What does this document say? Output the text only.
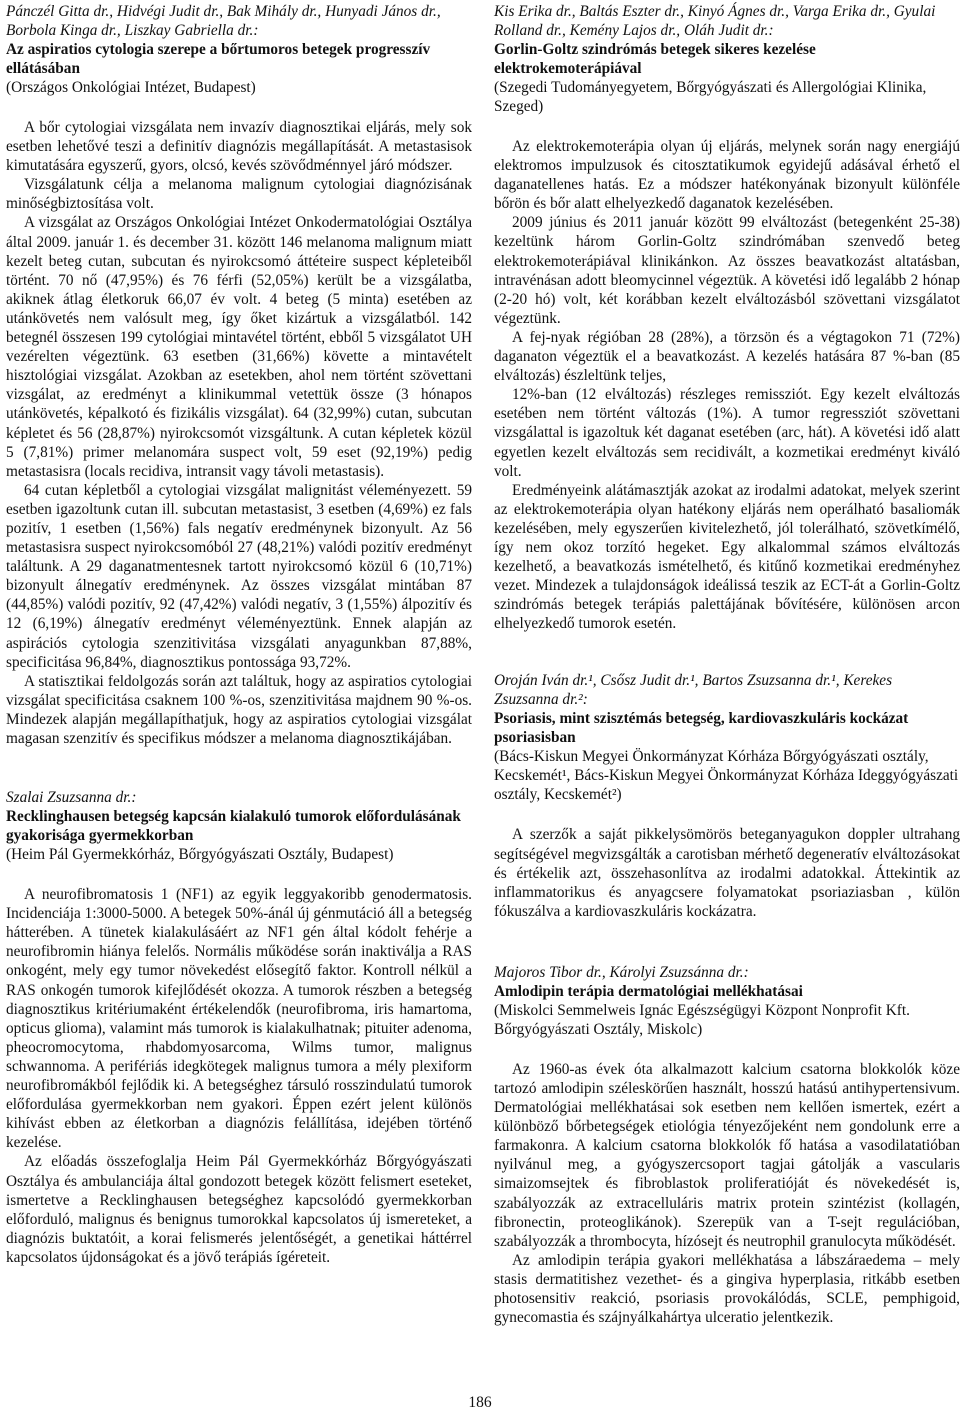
Pánczél Gitta dr., Hidvégi Judit dr., Bak Mihály dr., Hunyadi János dr., Borbola Kinga dr., Liszkay Gabriella dr.:

Az aspiratios cytologia szerepe a bőrtumoros betegek progresszív ellátásában

(Országos Onkológiai Intézet, Budapest)

A bőr cytologiai vizsgálata nem invazív diagnosztikai eljárás, mely sok esetben lehetővé teszi a definitív diagnózis megállapítását. A metastasisok kimutatására egyszerű, gyors, olcsó, kevés szövődménnyel járó módszer.

Vizsgálatunk célja a melanoma malignum cytologiai diagnózisának minőségbiztosítása volt.

A vizsgálat az Országos Onkológiai Intézet Onkodermatológiai Osztálya által 2009. január 1. és december 31. között 146 melanoma malignum miatt kezelt beteg cutan, subcutan és nyirokcsomó áttéteire suspect képleteiből történt. 70 nő (47,95%) és 76 férfi (52,05%) került be a vizsgálatba, akiknek átlag életkoruk 66,07 év volt. 4 beteg (5 minta) esetében az utánkövetés nem valósult meg, így őket kizártuk a vizsgálatból. 142 betegnél összesen 199 cytológiai mintavétel történt, ebből 5 vizsgálatot UH vezérelten végeztünk. 63 esetben (31,66%) követte a mintavételt hisztológiai vizsgálat. Azokban az esetekben, ahol nem történt szövettani vizsgálat, az eredményt a klinikummal vetettük össze (3 hónapos utánkövetés, képalkotó és fizikális vizsgálat). 64 (32,99%) cutan, subcutan képletet és 56 (28,87%) nyirokcsomót vizsgáltunk. A cutan képletek közül 5 (7,81%) primer melanomára suspect volt, 59 eset (92,19%) pedig metastasisra (locals recidiva, intransit vagy távoli metastasis).

64 cutan képletből a cytologiai vizsgálat malignitást véleményezett. 59 esetben igazoltunk cutan ill. subcutan metastasist, 3 esetben (4,69%) ez fals pozitív, 1 esetben (1,56%) fals negatív eredménynek bizonyult. Az 56 metastasisra suspect nyirokcsomóból 27 (48,21%) valódi pozitív eredményt találtunk. A 29 daganatmentesnek tartott nyirokcsomó közül 6 (10,71%) bizonyult álnegatív eredménynek. Az összes vizsgálat mintában 87 (44,85%) valódi pozitív, 92 (47,42%) valódi negatív, 3 (1,55%) álpozitív és 12 (6,19%) álnegatív eredményt véleményeztünk. Ennek alapján az aspirációs cytologia szenzitivitása vizsgálati anyagunkban 87,88%, specificitása 96,84%, diagnosztikus pontossága 93,72%.

A statisztikai feldolgozás során azt találtuk, hogy az aspiratios cytologiai vizsgálat specificitása csaknem 100 %-os, szenzitivitása majdnem 90 %-os. Mindezek alapján megállapíthatjuk, hogy az aspiratios cytologiai vizsgálat magasan szenzitív és specifikus módszer a melanoma diagnosztikájában.

Szalai Zsuzsanna dr.:

Recklinghausen betegség kapcsán kialakuló tumorok előfordulásának gyakorisága gyermekkorban

(Heim Pál Gyermekkórház, Bőrgyógyászati Osztály, Budapest)

A neurofibromatosis 1 (NF1) az egyik leggyakoribb genodermatosis. Incidenciája 1:3000-5000. A betegek 50%-ánál új génmutáció áll a betegség hátterében. A tünetek kialakulásáért az NF1 gén által kódolt fehérje a neurofibromin hiánya felelős. Normális működése során inaktiválja a RAS onkogént, mely egy tumor növekedést elősegítő faktor. Kontroll nélkül a RAS onkogén tumorok kifejlődését okozza. A tumorok részben a betegség diagnosztikus kritériumaként értékelendők (neurofibroma, iris hamartoma, opticus glioma), valamint más tumorok is kialakulhatnak; pituiter adenoma, pheocromocytoma, rhabdomyosarcoma, Wilms tumor, malignus schwannoma. A perifériás idegkötegek malignus tumora a mély plexiform neurofibromákból fejlődik ki. A betegséghez társuló rosszindulatú tumorok előfordulása gyermekkorban nem gyakori. Éppen ezért jelent különös kihívást ebben az életkorban a diagnózis felállítása, idejében történő kezelése.

Az előadás összefoglalja Heim Pál Gyermekkórház Bőrgyógyászati Osztálya és ambulanciája által gondozott betegek között felismert eseteket, ismertetve a Recklinghausen betegséghez kapcsolódó gyermekkorban előforduló, malignus és benignus tumorokkal kapcsolatos új ismereteket, a diagnózis buktatóit, a korai felismerés jelentőségét, a genetikai háttérrel kapcsolatos újdonságokat és a jövő terápiás ígéreteit.

Kis Erika dr., Baltás Eszter dr., Kinyó Ágnes dr., Varga Erika dr., Gyulai Rolland dr., Kemény Lajos dr., Oláh Judit dr.:

Gorlin-Goltz szindrómás betegek sikeres kezelése elektrokemoterápiával

(Szegedi Tudományegyetem, Bőrgyógyászati és Allergológiai Klinika, Szeged)

Az elektrokemoterápia olyan új eljárás, melynek során nagy energiájú elektromos impulzusok és citosztatikumok egyidejű adásával érhető el daganatellenes hatás. Ez a módszer hatékonyának bizonyult különféle bőrön és bőr alatt elhelyezkedő daganatok kezelésében.

2009 június és 2011 január között 99 elváltozást (betegenként 25-38) kezeltünk három Gorlin-Goltz szindrómában szenvedő beteg elektrokemoterápiával klinikánkon. Az összes beavatkozást altatásban, intravénásan adott bleomycinnel végeztük. A követési idő legalább 2 hónap (2-20 hó) volt, két korábban kezelt elváltozásból szövettani vizsgálatot végeztünk.

A fej-nyak régióban 28 (28%), a törzsön és a végtagokon 71 (72%) daganaton végeztük el a beavatkozást. A kezelés hatására 87 %-ban (85 elváltozás) észleltünk teljes,

12%-ban (12 elváltozás) részleges remissziót. Egy kezelt elváltozás esetében nem történt változás (1%). A tumor regressziót szövettani vizsgálattal is igazoltuk két daganat esetében (arc, hát). A követési idő alatt egyetlen kezelt elváltozás sem recidivált, a kozmetikai eredményt kiváló volt.

Eredményeink alátámasztják azokat az irodalmi adatokat, melyek szerint az elektrokemoterápia olyan hatékony eljárás nem operálható basaliomák kezelésében, mely egyszerűen kivitelezhető, jól tolerálható, szövetkímélő, így nem okoz torzító hegeket. Egy alkalommal számos elváltozás kezelhető, a beavatkozás ismételhető, és kitűnő kozmetikai eredményhez vezet. Mindezek a tulajdonságok ideálissá teszik az ECT-át a Gorlin-Goltz szindrómás betegek terápiás palettájának bővítésére, különösen arcon elhelyezkedő tumorok esetén.

Oroján Iván dr.¹, Csősz Judit dr.¹, Bartos Zsuzsanna dr.¹, Kerekes Zsuzsanna dr.²:

Psoriasis, mint szisztémás betegség, kardiovaszkuláris kockázat psoriasisban

(Bács-Kiskun Megyei Önkormányzat Kórháza Bőrgyógyászati osztály, Kecskemét¹, Bács-Kiskun Megyei Önkormányzat Kórháza Ideggyógyászati osztály, Kecskemét²)

A szerzők a saját pikkelysömörös beteganyagukon doppler ultrahang segítségével megvizsgálták a carotisban mérhető degeneratív elváltozásokat és értékelik azt, összehasonlítva az irodalmi adatokkal. Áttekintik az inflammatorikus és anyagcsere folyamatokat psoriaziasban , külön fókuszálva a kardiovaszkuláris kockázatra.

Majoros Tibor dr., Károlyi Zsuzsánna dr.:

Amlodipin terápia dermatológiai mellékhatásai

(Miskolci Semmelweis Ignác Egészségügyi Központ Nonprofit Kft. Bőrgyógyászati Osztály, Miskolc)

Az 1960-as évek óta alkalmazott kalcium csatorna blokkolók köze tartozó amlodipin széleskörűen használt, hosszú hatású antihypertensivum. Dermatológiai mellékhatásai sok esetben nem kellően ismertek, ezért a különböző bőrbetegségek etiológia tényezőjeként nem gondolunk erre a farmakonra. A kalcium csatorna blokkolók fő hatása a vasodilatatióban nyilvánul meg, a gyógyszercsoport tagjai gátolják a vascularis simaizomsejtek és fibroblastok proliferatióját és növekedését is, szabályozzák az extracelluláris matrix protein szintézist (kollagén, fibronectin, proteoglikánok). Szerepük van a T-sejt regulációban, szabályozzák a thrombocyta, hízósejt és neutrophil granulocyta működését.

Az amlodipin terápia gyakori mellékhatása a lábszáraedema – mely stasis dermatitishez vezethet- és a gingiva hyperplasia, ritkább esetben photosensitiv reakció, psoriasis provokálódás, SCLE, pemphigoid, gynecomastia és szájnyálkahártya ulceratio jelentkezik.

186
